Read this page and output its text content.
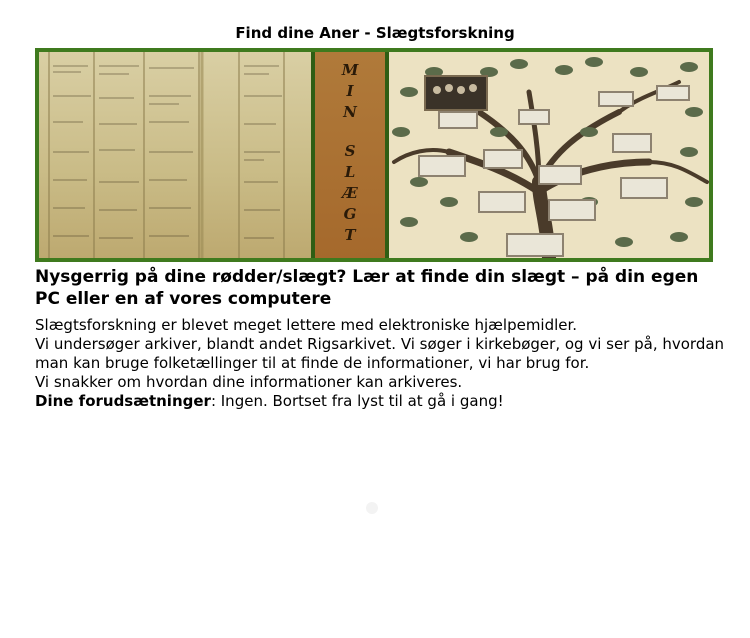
Find dine Aner - Slægtsforskning
M
I
N
S
L
Æ
G
T
Nysgerrig på dine rødder/slægt? Lær at finde din slægt – på din egen PC eller en af vores computere

Slægtsforskning er blevet meget lettere med elektroniske hjælpemidler.

Vi undersøger arkiver, blandt andet Rigsarkivet. Vi søger i kirkebøger, og vi ser på, hvordan man kan bruge folketællinger til at finde de informationer, vi har brug for.

Vi snakker om hvordan dine informationer kan arkiveres.

Dine forudsætninger: Ingen. Bortset fra lyst til at gå i gang!
